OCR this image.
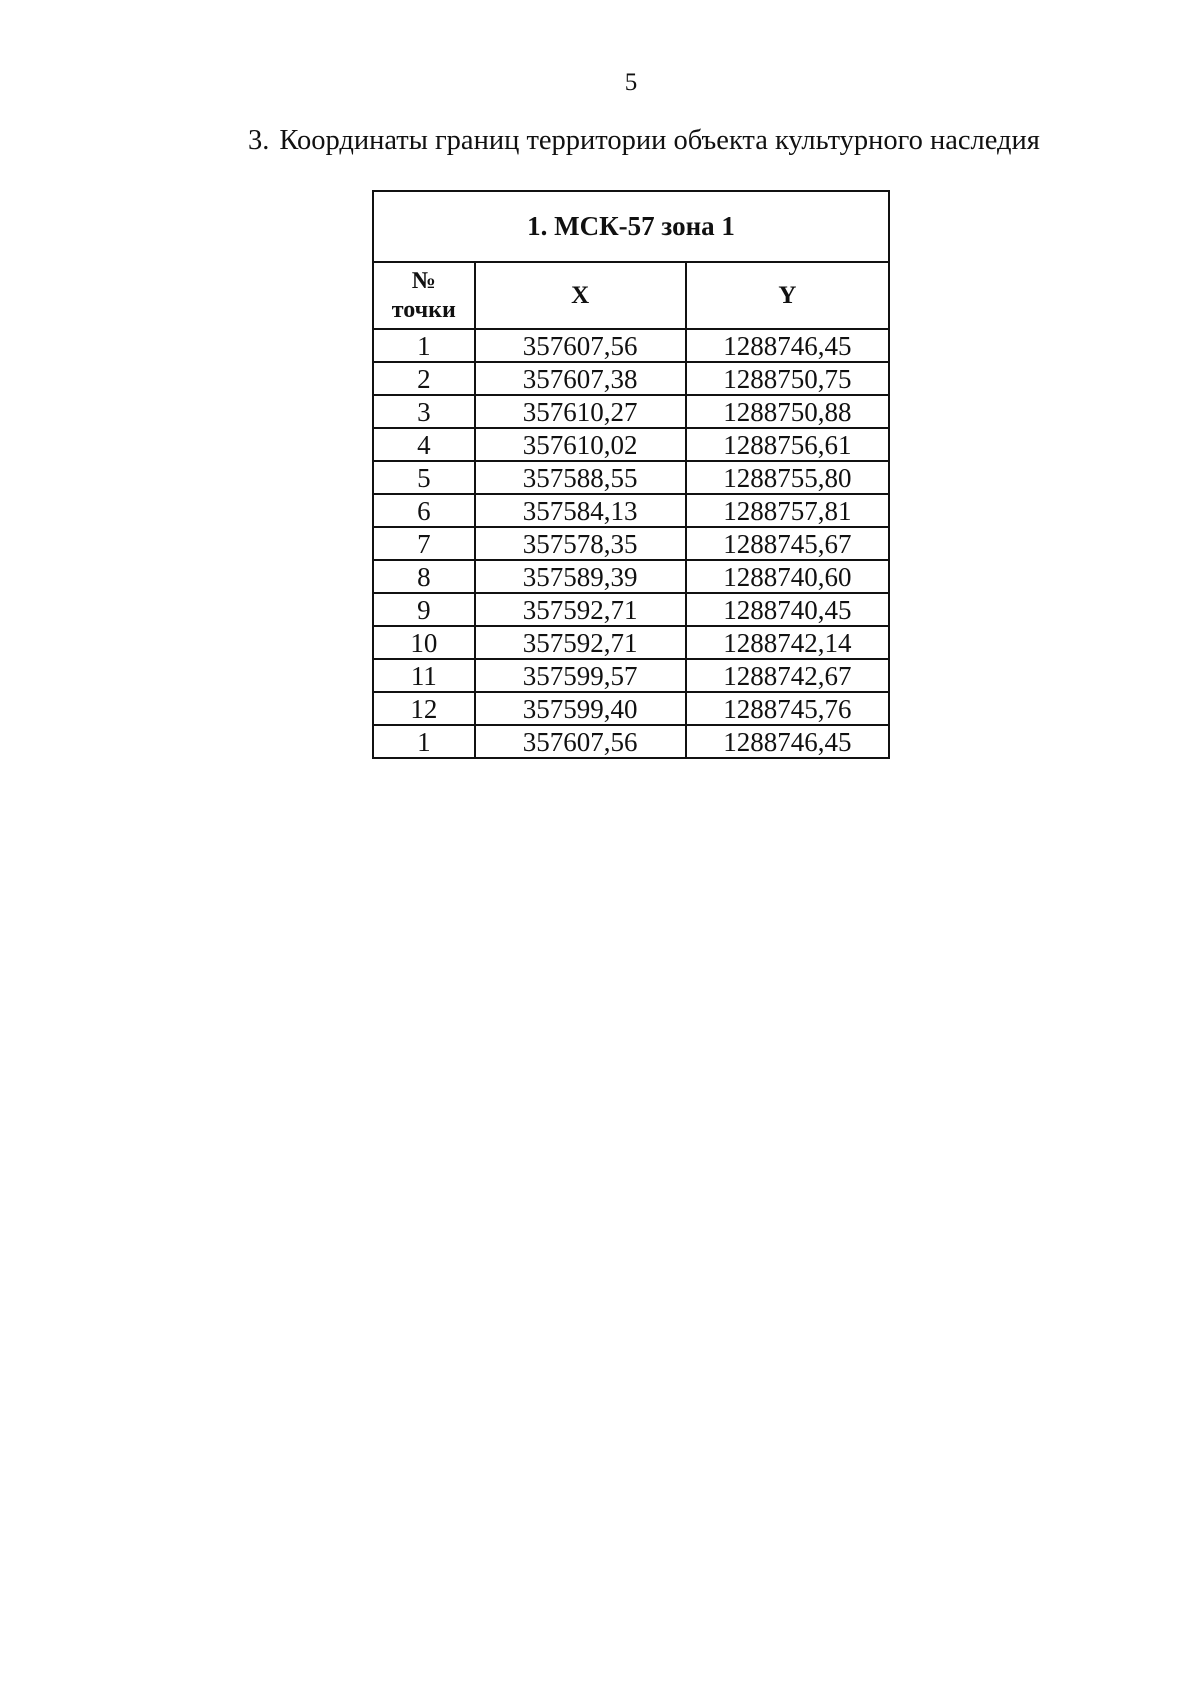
5
3. Координаты границ территории объекта культурного наследия
1. МСК-57 зона 1		

№
точки	X	Y
1	357607,56	1288746,45
2	357607,38	1288750,75
3	357610,27	1288750,88
4	357610,02	1288756,61
5	357588,55	1288755,80
6	357584,13	1288757,81
7	357578,35	1288745,67
8	357589,39	1288740,60
9	357592,71	1288740,45
10	357592,71	1288742,14
11	357599,57	1288742,67
12	357599,40	1288745,76
1	357607,56	1288746,45
